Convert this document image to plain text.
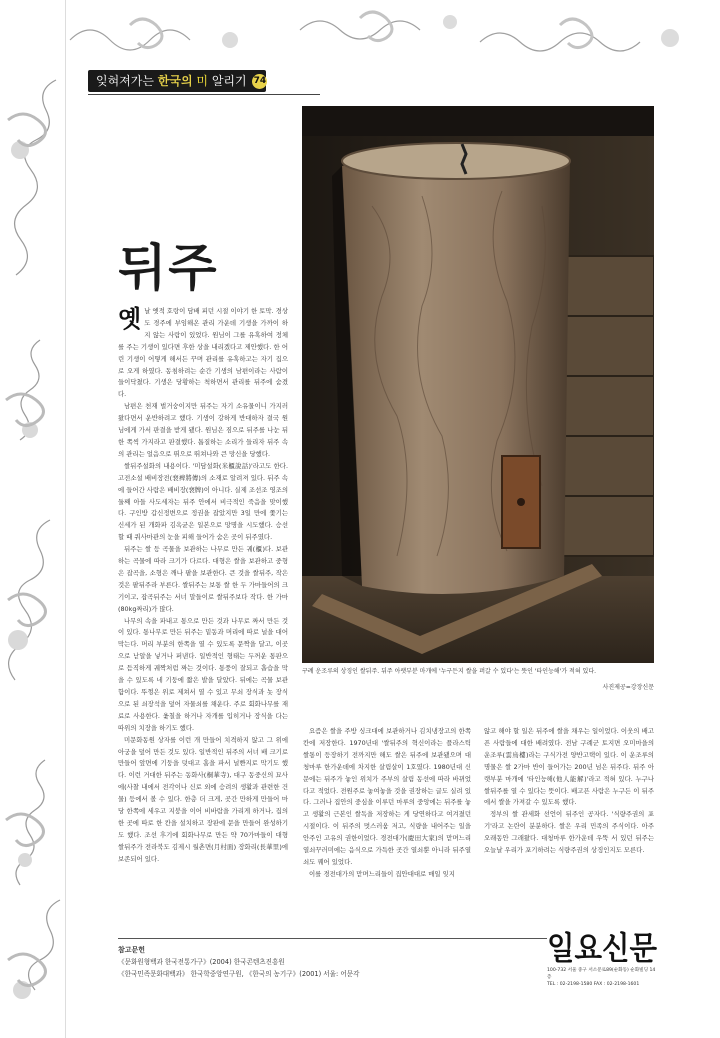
잊혀져가는 한국의 미 알리기 74
뒤주
구례 운조루의 상징인 쌀뒤주. 뒤주 아랫부분 마개에 '누구든지 쌀을 퍼갈 수 있다'는 뜻인 '타인능해'가 적혀 있다.
사진제공=강장신문
옛 날 옛적 호랑이 담배 피던 시절 이야기 한 토막. 경상도 경주에 부임해온 관리 가운데 기생을 가까이 하지 않는 사람이 있었다. 원님이 그를 유혹하여 정체를 주는 기생이 있다면 후한 상을 내리겠다고 제안했다. 한 어린 기생이 어떻게 해서든 꾸며 관리를 유혹하고는 자기 집으로 오게 하였다. 동침하려는 순간 기생의 남편이라는 사람이 들이닥쳤다. 기생은 당황하는 척하면서 관리를 뒤주에 숨겼다.

남편은 천재 벌거숭이지만 뒤주는 자기 소유물이니 가지러 왔다면서 운반하려고 했다. 기생이 강하게 반대하자 결국 원님에게 가서 판결을 받게 됐다. 원님은 짐으로 뒤주를 나눈 뒤 한 쪽씩 가지라고 판결했다. 톱질하는 소리가 들리자 뒤주 속의 관리는 얼음으로 뛰으로 뛰쳐나와 큰 망신을 당했다.

쌀뒤주설화의 내용이다. '미담설화(米櫃說話)'라고도 한다. 고전소설 배비장전(裵裨將傳)의 소재로 알려져 있다. 뒤주 속에 들어간 사람은 배비장(裵牌)이 아니다. 실제 조선조 영조의 둘째 아들 사도세자는 뒤주 안에서 비극적인 죽음을 맞이했다. 구인방 갑신정변으로 정권을 잡았지만 3일 만에 쫓기는 신세가 된 개화파 김옥균은 일본으로 망명을 시도했다. 승선할 때 쿼사마관의 눈을 피해 들어가 숨은 곳이 뒤주였다.

뒤주는 쌀 등 곡물을 보관하는 나무로 만든 궤(櫃)다. 보관하는 곡물에 따라 크기가 다르다. 대형은 쌀을 보관하고 중형은 잡곡을, 소형은 깨나 팥을 보관한다. 큰 것을 쌀뒤주, 작은 것은 팥뒤주라 부른다. 쌀뒤주는 보통 쌀 한 두 가마들어의 크기이고, 잡곡뒤주는 서너 말들이로 쌀뒤주보다 작다. 한 가마(80kg짜리)가 많다.

나무의 속을 파내고 통으로 만든 것과 나무로 짜서 만든 것이 있다. 통나무로 만든 뒤주는 밑동과 머리에 따로 널을 대어 막는다. 머리 부분의 한쪽을 열 수 있도록 문짝을 달고, 이곳으로 낟알을 넣거나 퍼낸다. 일반적인 형태는 두꺼운 통판으로 듬직하게 궤짝처럼 짜는 것이다. 통풍이 잘되고 흡습을 막을 수 있도록 네 기둥에 짧은 발을 달았다. 뒤에는 곡물 보관함이다. 뚜껑은 위로 제쳐서 열 수 있고 무쇠 장식과 놋 장식으로 된 쇠장석을 덮어 자물쇠를 채운다. 주로 회화나무를 재료로 사용한다. 옻칠을 하거나 자개를 입히거나 장식을 다는 따위의 치장을 하기도 했다.

미문화동원 상자를 이런 개 만들어 치격하지 않고 그 위에 아궁을 덮어 만든 것도 있다. 일반적인 뒤주의 서너 배 크기로 만들어 앞면에 기둥을 덧대고 홈을 파서 널빤지로 막기도 했다. 이런 거대한 뒤주는 동화사(桐華寺), 대구 동중신의 묘사에(사찰 내에서 전각이나 신로 외에 승려의 생활과 관련한 건물) 등에서 볼 수 있다. 한층 더 크게, 곳간 만하게 만들어 마당 한쪽에 세우고 지붕을 이어 비바람을 가리게 하거나, 집의 한 곳에 따로 한 칸을 설치하고 장판에 문을 만들어 완성하기도 했다. 조선 후기에 회화나무로 만든 약 70가마들이 대형 쌀뒤주가 전라북도 김제시 월촌면(月村面) 장화리(長華里)에 보존되어 있다.

요즘은 쌀을 주방 싱크대에 보관하거나 김치냉장고의 한쪽칸에 저장한다. 1970년대 '쌀뒤주의 혁신이라는 플라스틱 쌀통이 등장하기 전까지만 해도 쌀은 뒤주에 보관됐으며 대청마루 한가운데에 차지한 살림살이 1호였다. 1980년대 신문에는 뒤주가 놓인 위치가 주부의 살림 동선에 따라 바뀌었다고 적었다. 전원주로 놓여놓을 것을 권장하는 글도 실려 있다. 그러나 집안의 중심을 이루던 마루의 중앙에는 뒤주를 놓고 생활의 근본인 쌀독을 저장하는 게 당연하다고 여겨졌던 시절이다. 이 뒤주의 멋스러움 저고, 식량을 내어주는 일을 안주인 고유의 권한이었다. 경전대가(慶田大家)의 맏며느리 열쇠꾸러미에는 음식으로 가득한 곳간 열쇠뿐 아니라 뒤주열쇠도 꿰어 있었다.

이를 경전대가의 맏며느리들이 집안대대로 매일 잊지

않고 해야 할 일은 뒤주에 쌀을 채우는 일이었다. 이웃의 배고픈 사람들에 대한 배려였다. 전남 구례군 토지면 오미마을의 운조루(雲鳥樓)라는 구식가전 양반고택이 있다. 이 운조루의 명물은 쌀 2가마 반이 들어가는 200년 넘은 뒤주다. 뒤주 아랫부분 마개에 '타인능해(他人能解)'라고 적혀 있다. 누구나 쌀뒤주를 열 수 있다는 뜻이다. 배고픈 사람은 누구든 이 뒤주에서 쌀을 가져갈 수 있도록 했다.

정부의 쌀 관세화 선언이 뒤주인 공자다. '식량주권의 포기'라고 논란이 분분하다. 쌀은 우리 민족의 주식이다. 아주 오래동안 그래왔다. 대청마루 한가운데 우뚝 서 있던 뒤주는 오늘날 우리가 포기하려는 식량주권의 상징인지도 모른다.

참고문헌
《문화원형백과 한국전통가구》(2004) 한국콘텐츠진흥원
《한국민족문화대백과》 한국학중앙연구원, 《한국의 농기구》(2001) 서울: 어문각
일요신문
100-732 서울 중구 서소문로89(순화동) 순화빌딩 14층
TEL : 02-2198-1580 FAX : 02-2198-1601
